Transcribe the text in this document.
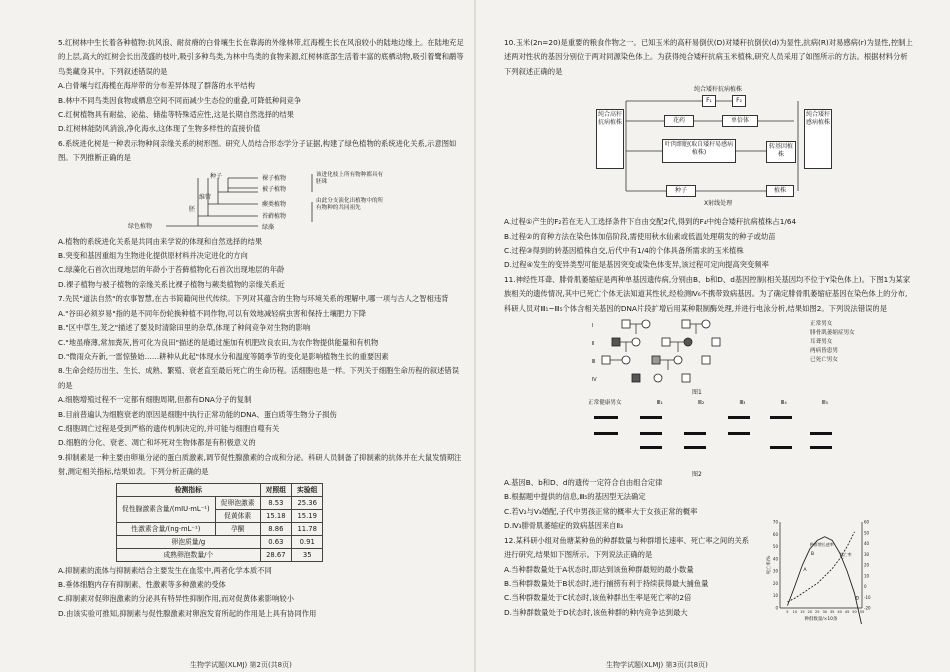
5.红树林中生长着各种植物:抗风浪、耐贫瘠的白骨壤生长在靠海的外缘林带,红海榄生长在风浪较小的陆地边缘上。在陆地充足的上层,高大的红树会长出茂盛的枝叶,吸引多种鸟类,为林中鸟类的食物来源,红树林底部生活着丰富的底栖动物,吸引着鹭和鹬等鸟类藏身其中。下列叙述错误的是

A.白骨壤与红海榄在海岸带的分布差异体现了群落的水平结构

B.林中不同鸟类因食物或栖息空间不同而减少生态位的重叠,可降低种间竞争

C.红树植物具有耐盐、泌盐、储盐等特殊适应性,这是长期自然选择的结果

D.红树林能防风消浪,净化海水,这体现了生物多样性的直接价值

6.系统进化树是一种表示物种间亲缘关系的树形图。研究人员结合形态学分子证据,构建了绿色植物的系统进化关系,示意图如图。下列推断正确的是

绿色植物
胚
维管
种子	裸子植物
被子植物
蕨类植物
苔藓植物
绿藻
该进化枝上所有物种都具有胚珠
由此分支演化出植物中的所有物种的共同祖先

A.植物的系统进化关系是共同由来学说的体现和自然选择的结果

B.突变和基因重组为生物进化提供原材料并决定进化的方向

C.绿藻化石首次出现地层的年龄小于苔藓植物化石首次出现地层的年龄

D.裸子植物与被子植物的亲缘关系比裸子植物与蕨类植物的亲缘关系近

7.先民"道法自然"的农事智慧,在古书简籍间世代传续。下列对其蕴含的生物与环境关系的理解中,哪一项与古人之智相违背

A."谷田必须岁易"指的是不同年份轮换种植不同作物,可以有效地减轻病虫害和保持土壤肥力下降

B."区中草生,茇之"描述了要及时清除田里的杂草,体现了种间竞争对生物的影响

C."地虽瘠薄,常加粪灰,皆可化为良田"描述的是通过施加有机肥改良农田,为农作物提供能量和有机物

D."微雨众卉新,一雷惊蛰始……耕种从此起"体现水分和温度等随季节的变化是影响植物生长的重要因素

8.生命会经历出生、生长、成熟、繁殖、衰老直至最后死亡的生命历程。活细胞也是一样。下列关于细胞生命历程的叙述错误的是

A.细胞增殖过程不一定都有细胞周期,但都有DNA分子的复制

B.目前普遍认为细胞衰老的原因是细胞中执行正常功能的DNA、蛋白质等生物分子损伤

C.细胞凋亡过程是受到严格的遗传机制决定的,并可能与细胞自噬有关

D.细胞的分化、衰老、凋亡和坏死对生物体都是有积极意义的

9.抑制素是一种主要由卵巢分泌的蛋白质激素,调节促性腺激素的合成和分泌。科研人员制备了抑制素的抗体并在大鼠发情期注射,测定相关指标,结果如表。下列分析正确的是

检测指标		对照组	实验组
促性腺激素含量/(mIU·mL⁻¹)	促卵泡激素	8.53	25.36
	促黄体素	15.18	15.19
性激素含量/(ng·mL⁻¹)	孕酮	8.86	11.78
卵泡质量/g		0.63	0.91
成熟卵泡数量/个		28.67	35

A.抑制素的流体与抑制素结合主要发生在血浆中,两者化学本质不同

B.垂体细胞内存有抑制素、性激素等多种激素的受体

C.抑制素对促卵泡激素的分泌具有特异性抑制作用,而对促黄体素影响较小

D.由该实验可推知,抑制素与促性腺激素对卵泡发育所起的作用是上具有协同作用

生物学试题(XLMJ) 第2页(共8页)

10.玉米(2n=20)是重要的粮食作物之一。已知玉米的高秆易倒伏(D)对矮秆抗倒伏(d)为显性,抗病(R)对易感病(r)为显性,控制上述两对性状的基因分别位于两对同源染色体上。为获得纯合矮秆抗病玉米植株,研究人员采用了如图所示的方法。根据材料分析下列叙述正确的是

纯合高秆抗病植株
F₁	F₂
花药	单倍体
叶肉细胞(取自矮秆易感病植株)
转基因植株
种子	植株
纯合矮秆感病植株
X射线处理
纯合矮秆抗病植株

A.过程①产生的F₂若在无人工选择条件下自由交配2代,得到的F₄中纯合矮秆抗病植株占1/64

B.过程②的育种方法在染色体加倍阶段,需使用秋水仙素或低温处理萌发的种子或幼苗

C.过程③得到的转基因植株自交,后代中有1/4的个体具备所需求的玉米植株

D.过程④发生的变异类型可能是基因突变或染色体变异,该过程可定向提高突变频率

11.神经性耳聋、腓骨肌萎缩症是两种单基因遗传病,分别由B、b和D、d基因控制(相关基因均不位于Y染色体上)。下图1为某家族相关的遗传情况,其中已死亡个体无法知道其性状,经检测Ⅳ₆不携带致病基因。为了确定腓骨肌萎缩症基因在染色体上的分布,科研人员对Ⅲ₁~Ⅲ₅个体含相关基因的DNA片段扩增后用某种限制酶处理,并进行电泳分析,结果如图2。下列说法错误的是

Ⅰ
Ⅱ
Ⅲ
Ⅳ
正常男女
腓骨肌萎缩症男女
耳聋男女
两病皆患男
已死亡男女
图1
正常健康男女	Ⅲ₁	Ⅲ₂	Ⅲ₃	Ⅲ₄	Ⅲ₅
图2

A.基因B、b和D、d的遗传一定符合自由组合定律

B.根据题中提供的信息,Ⅲ₅的基因型无法确定

C.若Ⅴ₂与Ⅴ₃婚配,子代中男孩正常的概率大于女孩正常的概率

D.Ⅳ₃腓骨肌萎缩症的致病基因来自Ⅱ₃

12.某科研小组对鱼塘某种鱼的种群数量与种群增长速率、死亡率之间的关系进行研究,结果如下图所示。下列说法正确的是

A.当种群数量处于A状态时,即达到该鱼种群最短的最小数量

B.当种群数量处于B状态时,进行捕捞有利于持续获得最大捕鱼量

C.当种群数量处于C状态时,该鱼种群出生率是死亡率的2倍

D.当种群数量处于D状态时,该鱼种群的种内竞争达到最大	0
10
20
30
40
50
60
70
-20
-10
0
10
20
30
40
50
60
5 10 15 20 25 30 35 40 45 50 55
种群数量/×10条
死亡率/%
种群增长速率
死亡率
A
B
C
D
生物学试题(XLMJ) 第3页(共8页)
